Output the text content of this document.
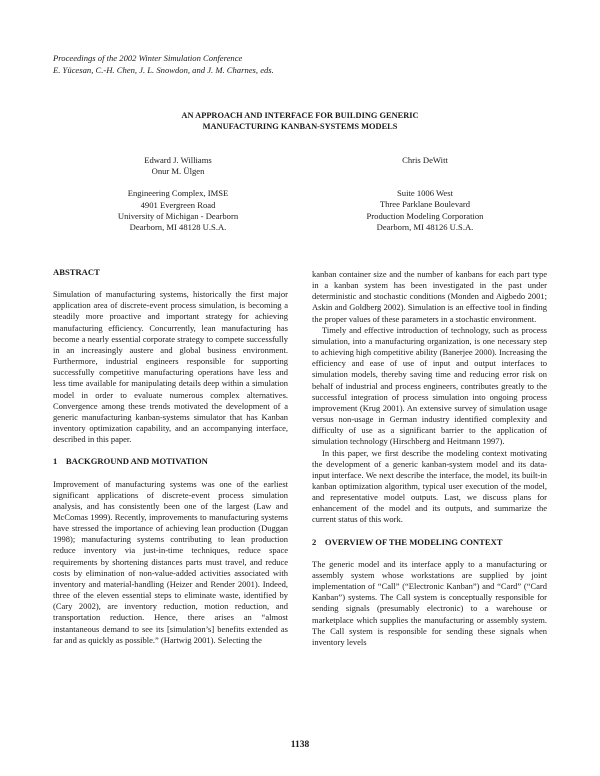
Proceedings of the 2002 Winter Simulation Conference
E. Yücesan, C.-H. Chen, J. L. Snowdon, and J. M. Charnes, eds.
AN APPROACH AND INTERFACE FOR BUILDING GENERIC
MANUFACTURING KANBAN-SYSTEMS MODELS
Edward J. Williams
Onur M. Ülgen
Engineering Complex, IMSE
4901 Evergreen Road
University of Michigan - Dearborn
Dearborn, MI 48128 U.S.A.
Chris DeWitt
Suite 1006 West
Three Parklane Boulevard
Production Modeling Corporation
Dearborn, MI 48126 U.S.A.

ABSTRACT

Simulation of manufacturing systems, historically the first major application area of discrete-event process simulation, is becoming a steadily more proactive and important strategy for achieving manufacturing efficiency. Concurrently, lean manufacturing has become a nearly essential corporate strategy to compete successfully in an increasingly austere and global business environment. Furthermore, industrial engineers responsible for supporting successfully competitive manufacturing operations have less and less time available for manipulating details deep within a simulation model in order to evaluate numerous complex alternatives. Convergence among these trends motivated the development of a generic manufacturing kanban-systems simulator that has Kanban inventory optimization capability, and an accompanying interface, described in this paper.

1    BACKGROUND AND MOTIVATION

Improvement of manufacturing systems was one of the earliest significant applications of discrete-event process simulation analysis, and has consistently been one of the largest (Law and McComas 1999). Recently, improvements to manufacturing systems have stressed the importance of achieving lean production (Duggan 1998); manufacturing systems contributing to lean production reduce inventory via just-in-time techniques, reduce space requirements by shortening distances parts must travel, and reduce costs by elimination of non-value-added activities associated with inventory and material-handling (Heizer and Render 2001). Indeed, three of the eleven essential steps to eliminate waste, identified by (Cary 2002), are inventory reduction, motion reduction, and transportation reduction. Hence, there arises an “almost instantaneous demand to see its [simulation’s] benefits extended as far and as quickly as possible.” (Hartwig 2001). Selecting the

kanban container size and the number of kanbans for each part type in a kanban system has been investigated in the past under deterministic and stochastic conditions (Monden and Aigbedo 2001; Askin and Goldberg 2002). Simulation is an effective tool in finding the proper values of these parameters in a stochastic environment.

Timely and effective introduction of technology, such as process simulation, into a manufacturing organization, is one necessary step to achieving high competitive ability (Banerjee 2000). Increasing the efficiency and ease of use of input and output interfaces to simulation models, thereby saving time and reducing error risk on behalf of industrial and process engineers, contributes greatly to the successful integration of process simulation into ongoing process improvement (Krug 2001). An extensive survey of simulation usage versus non-usage in German industry identified complexity and difficulty of use as a significant barrier to the application of simulation technology (Hirschberg and Heitmann 1997).

In this paper, we first describe the modeling context motivating the development of a generic kanban-system model and its data-input interface. We next describe the interface, the model, its built-in kanban optimization algorithm, typical user execution of the model, and representative model outputs. Last, we discuss plans for enhancement of the model and its outputs, and summarize the current status of this work.

2    OVERVIEW OF THE MODELING CONTEXT

The generic model and its interface apply to a manufacturing or assembly system whose workstations are supplied by joint implementation of “Call” (“Electronic Kanban”) and “Card” (“Card Kanban”) systems. The Call system is conceptually responsible for sending signals (presumably electronic) to a warehouse or marketplace which supplies the manufacturing or assembly system. The Call system is responsible for sending these signals when inventory levels

1138
